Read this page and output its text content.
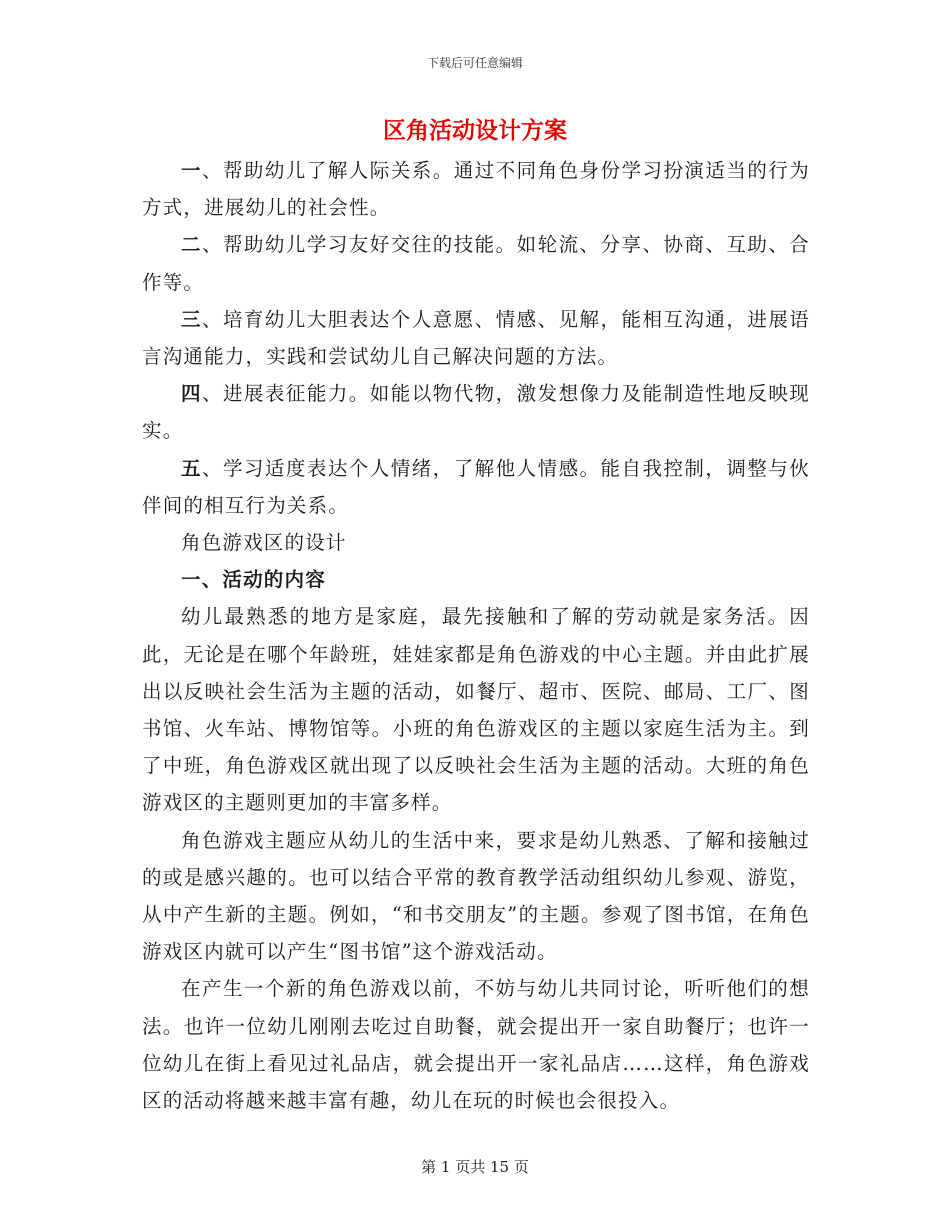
下载后可任意编辑
区角活动设计方案

一、帮助幼儿了解人际关系。通过不同角色身份学习扮演适当的行为方式，进展幼儿的社会性。

二、帮助幼儿学习友好交往的技能。如轮流、分享、协商、互助、合作等。

三、培育幼儿大胆表达个人意愿、情感、见解，能相互沟通，进展语言沟通能力，实践和尝试幼儿自己解决问题的方法。

四、进展表征能力。如能以物代物，激发想像力及能制造性地反映现实。

五、学习适度表达个人情绪，了解他人情感。能自我控制，调整与伙伴间的相互行为关系。

角色游戏区的设计

一、活动的内容

幼儿最熟悉的地方是家庭，最先接触和了解的劳动就是家务活。因此，无论是在哪个年龄班，娃娃家都是角色游戏的中心主题。并由此扩展出以反映社会生活为主题的活动，如餐厅、超市、医院、邮局、工厂、图书馆、火车站、博物馆等。小班的角色游戏区的主题以家庭生活为主。到了中班，角色游戏区就出现了以反映社会生活为主题的活动。大班的角色游戏区的主题则更加的丰富多样。

角色游戏主题应从幼儿的生活中来，要求是幼儿熟悉、了解和接触过的或是感兴趣的。也可以结合平常的教育教学活动组织幼儿参观、游览，从中产生新的主题。例如，“和书交朋友”的主题。参观了图书馆，在角色游戏区内就可以产生“图书馆”这个游戏活动。

在产生一个新的角色游戏以前，不妨与幼儿共同讨论，听听他们的想法。也许一位幼儿刚刚去吃过自助餐，就会提出开一家自助餐厅；也许一位幼儿在街上看见过礼品店，就会提出开一家礼品店……这样，角色游戏区的活动将越来越丰富有趣，幼儿在玩的时候也会很投入。

第 1 页共 15 页
